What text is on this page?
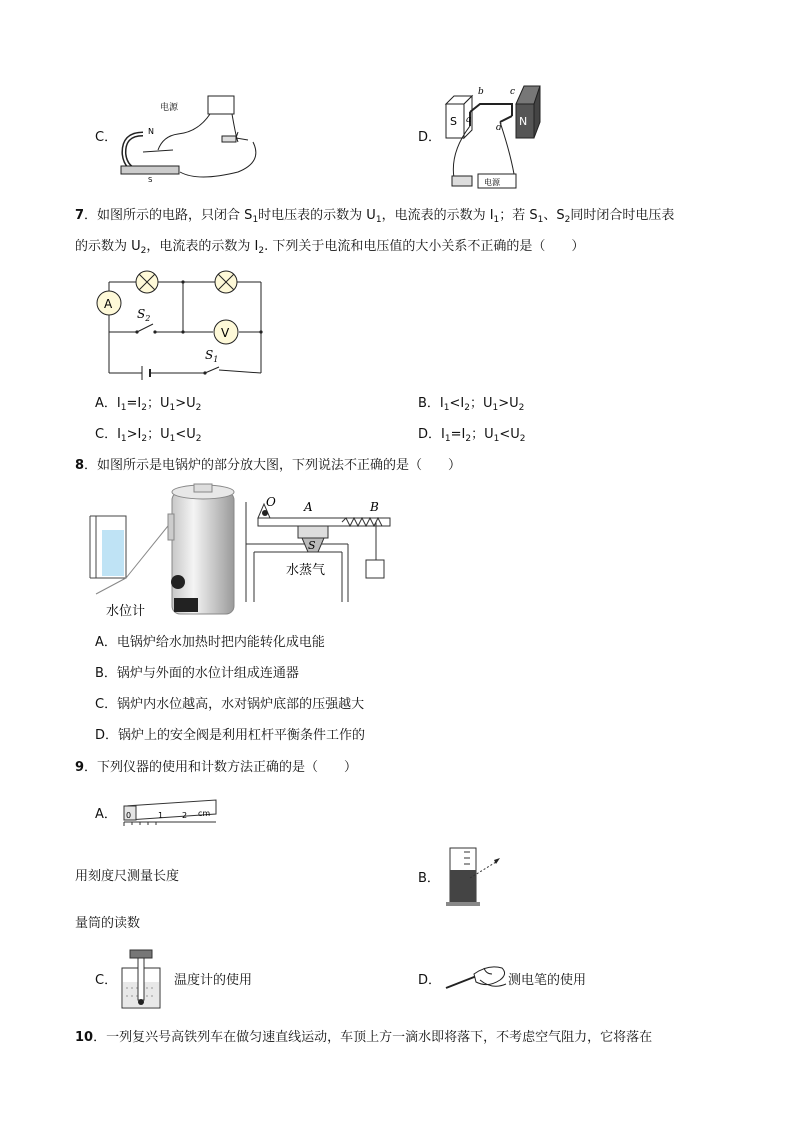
C．
电源
N
S
D．
S	N
a
b	c
d
电源
7．如图所示的电路，只闭合 $S_1$时电压表的示数为 $U_1$，电流表的示数为 $I_1$；若 $S_1$、$S_2$同时闭合时电压表
的示数为 $U_2$，电流表的示数为 $I_2$. 下列关于电流和电压值的大小关系不正确的是（　　）
A
V
$S_2$
$S_1$
A．$I_1=I_2$；$U_1>U_2$	B．$I_1<I_2$；$U_1>U_2$
C．$I_1>I_2$；$U_1<U_2$	D．$I_1=I_2$；$U_1<U_2$
8．如图所示是电锅炉的部分放大图，下列说法不正确的是（　　）
水位计
O A	B
S
水蒸气
A．电锅炉给水加热时把内能转化成电能
B．锅炉与外面的水位计组成连通器
C．锅炉内水位越高，水对锅炉底部的压强越大
D．锅炉上的安全阀是利用杠杆平衡条件工作的
9．下列仪器的使用和计数方法正确的是（　　）
A． 0	1 2 cm
用刻度尺测量长度	B．
量筒的读数
C．	温度计的使用	D．	测电笔的使用
10．一列复兴号高铁列车在做匀速直线运动，车顶上方一滴水即将落下，不考虑空气阻力，它将落在
